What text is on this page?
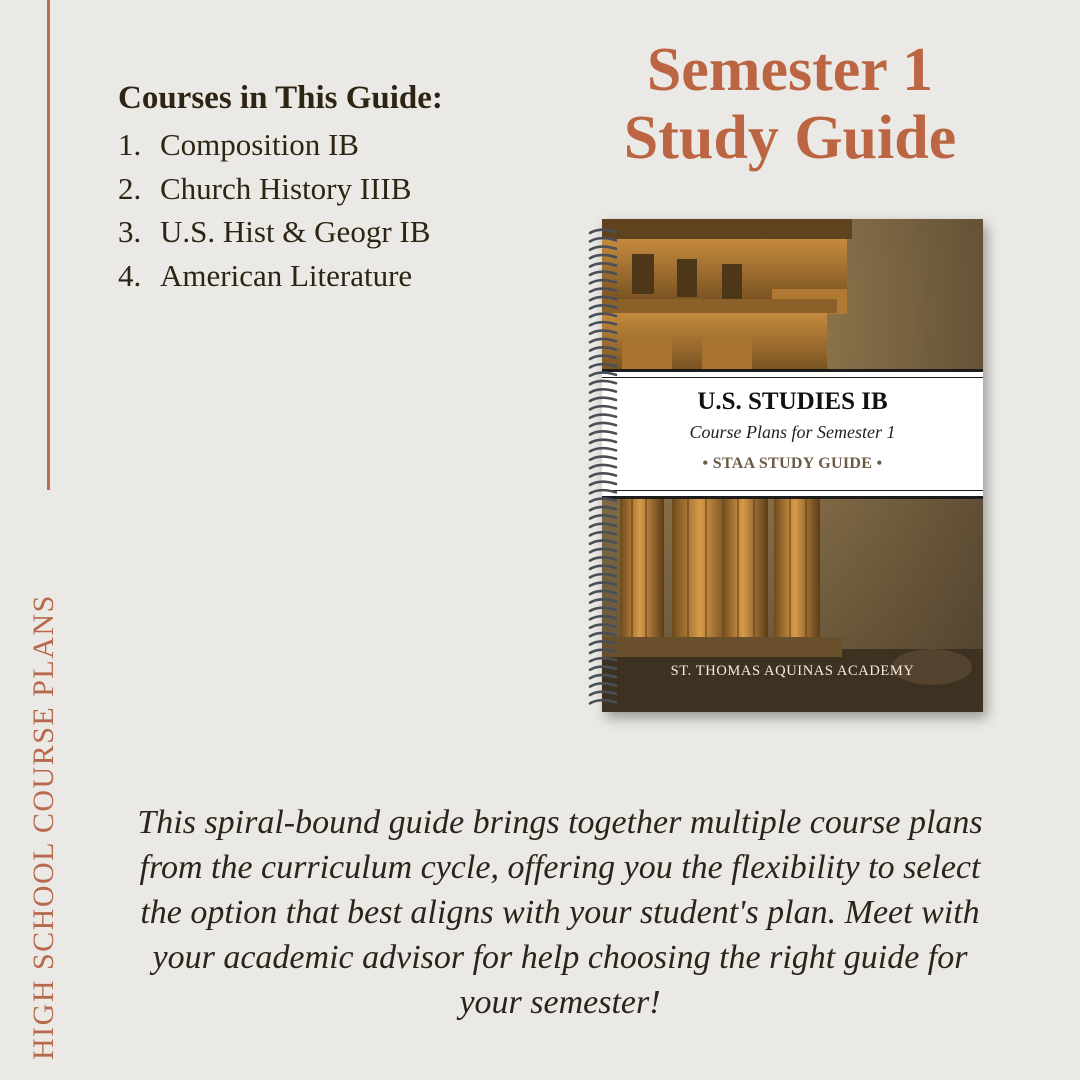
HIGH SCHOOL COURSE PLANS
Courses in This Guide:
1. Composition IB
2. Church History IIIB
3. U.S. Hist & Geogr IB
4. American Literature
Semester 1
Study Guide
U.S. STUDIES IB
Course Plans for Semester 1
• STAA STUDY GUIDE •
ST. THOMAS AQUINAS ACADEMY
This spiral-bound guide brings together multiple course plans from the curriculum cycle, offering you the flexibility to select the option that best aligns with your student's plan. Meet with your academic advisor for help choosing the right guide for your semester!
